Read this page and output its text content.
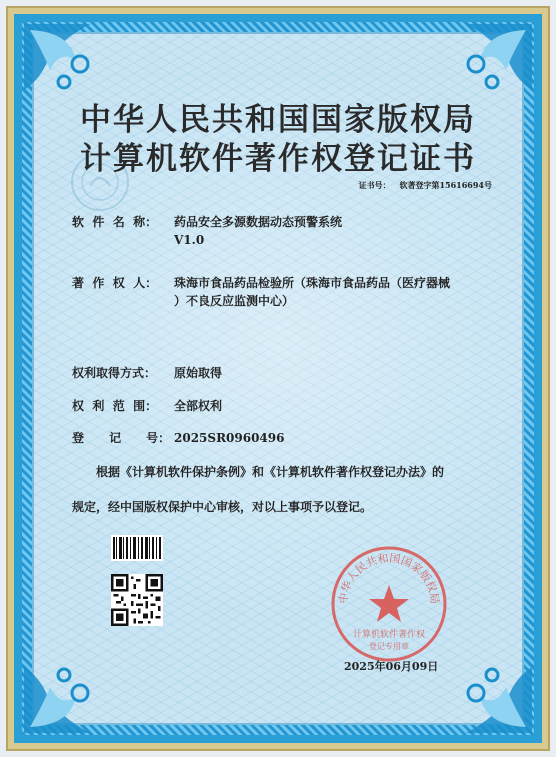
中华人民共和国国家版权局
计算机软件著作权登记证书
证书号： 软著登字第15616694号
软  件  名  称：	药品安全多源数据动态预警系统
V1.0
著  作  权  人：	珠海市食品药品检验所（珠海市食品药品（医疗器械
）不良反应监测中心）
权利取得方式：	原始取得
权  利  范  围：	全部权利
登      记      号： 2025SR0960496
根据《计算机软件保护条例》和《计算机软件著作权登记办法》的
规定，经中国版权保护中心审核，对以上事项予以登记。
中华人民共和国国家版权局
计算机软件著作权
登记专用章
2025年06月09日
